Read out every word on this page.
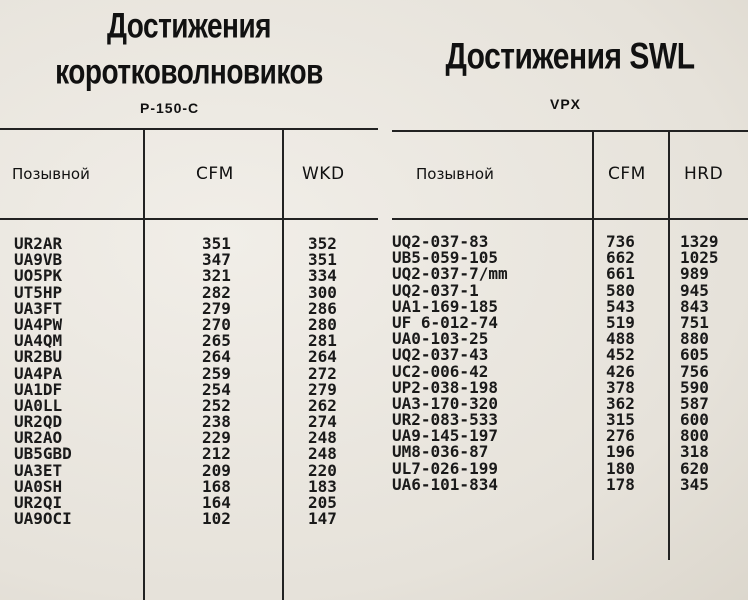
Достижения
коротковолновиков
Р-150-С
Позывной	CFM	WKD
UR2AR	351	352
UA9VB	347	351
UO5PK	321	334
UT5HP	282	300
UA3FT	279	286
UA4PW	270	280
UA4QM	265	281
UR2BU	264	264
UA4PA	259	272
UA1DF	254	279
UA0LL	252	262
UR2QD	238	274
UR2AO	229	248
UB5GBD	212	248
UA3ET	209	220
UA0SH	168	183
UR2QI	164	205
UA9OCI	102	147
Достижения SWL
VPX
Позывной	CFM HRD
UQ2-037-83	736	1329
UB5-059-105	662	1025
UQ2-037-7/mm	661	989
UQ2-037-1	580	945
UA1-169-185	543	843
UF 6-012-74	519	751
UA0-103-25	488	880
UQ2-037-43	452	605
UC2-006-42	426	756
UP2-038-198	378	590
UA3-170-320	362	587
UR2-083-533	315	600
UA9-145-197	276	800
UM8-036-87	196	318
UL7-026-199	180	620
UA6-101-834	178	345
